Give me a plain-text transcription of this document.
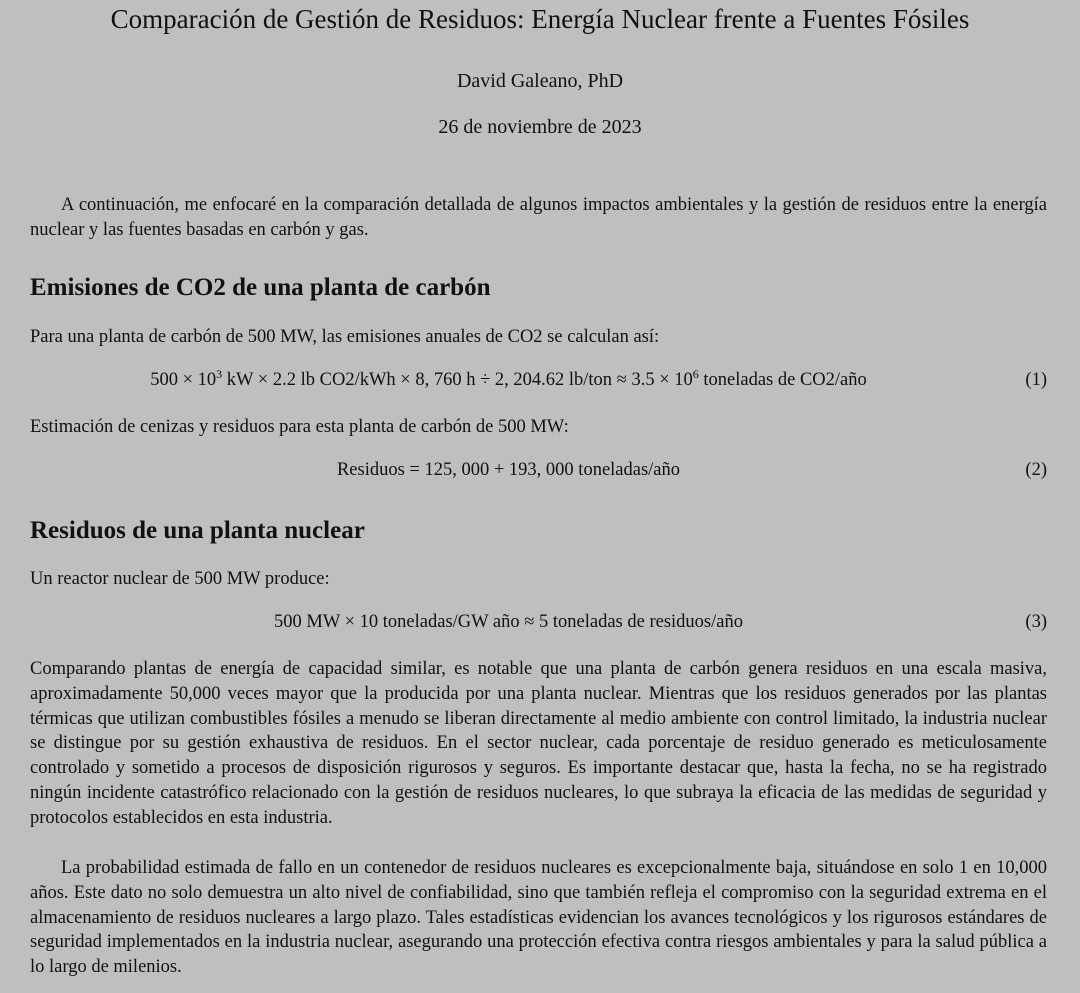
Comparación de Gestión de Residuos: Energía Nuclear frente a Fuentes Fósiles
David Galeano, PhD
26 de noviembre de 2023

A continuación, me enfocaré en la comparación detallada de algunos impactos ambientales y la gestión de residuos entre la energía nuclear y las fuentes basadas en carbón y gas.

Emisiones de CO2 de una planta de carbón

Para una planta de carbón de 500 MW, las emisiones anuales de CO2 se calculan así:

$500 \times 10^3$ kW × 2.2 lb CO2/kWh × 8, 760 h ÷ 2, 204.62 $lb/ton \approx 3.5 \times 10^6$ toneladas de CO2/año	(1)

Estimación de cenizas y residuos para esta planta de carbón de 500 MW:

Residuos = 125, 000 + 193, 000 toneladas/año	(2)
Residuos de una planta nuclear

Un reactor nuclear de 500 MW produce:

500 MW × 10 toneladas/GW año ≈ 5 toneladas de residuos/año	(3)

Comparando plantas de energía de capacidad similar, es notable que una planta de carbón genera residuos en una escala masiva, aproximadamente 50,000 veces mayor que la producida por una planta nuclear. Mientras que los residuos generados por las plantas térmicas que utilizan combustibles fósiles a menudo se liberan directamente al medio ambiente con control limitado, la industria nuclear se distingue por su gestión exhaustiva de residuos. En el sector nuclear, cada porcentaje de residuo generado es meticulosamente controlado y sometido a procesos de disposición rigurosos y seguros. Es importante destacar que, hasta la fecha, no se ha registrado ningún incidente catastrófico relacionado con la gestión de residuos nucleares, lo que subraya la eficacia de las medidas de seguridad y protocolos establecidos en esta industria.

La probabilidad estimada de fallo en un contenedor de residuos nucleares es excepcionalmente baja, situándose en solo 1 en 10,000 años. Este dato no solo demuestra un alto nivel de confiabilidad, sino que también refleja el compromiso con la seguridad extrema en el almacenamiento de residuos nucleares a largo plazo. Tales estadísticas evidencian los avances tecnológicos y los rigurosos estándares de seguridad implementados en la industria nuclear, asegurando una protección efectiva contra riesgos ambientales y para la salud pública a lo largo de milenios.
